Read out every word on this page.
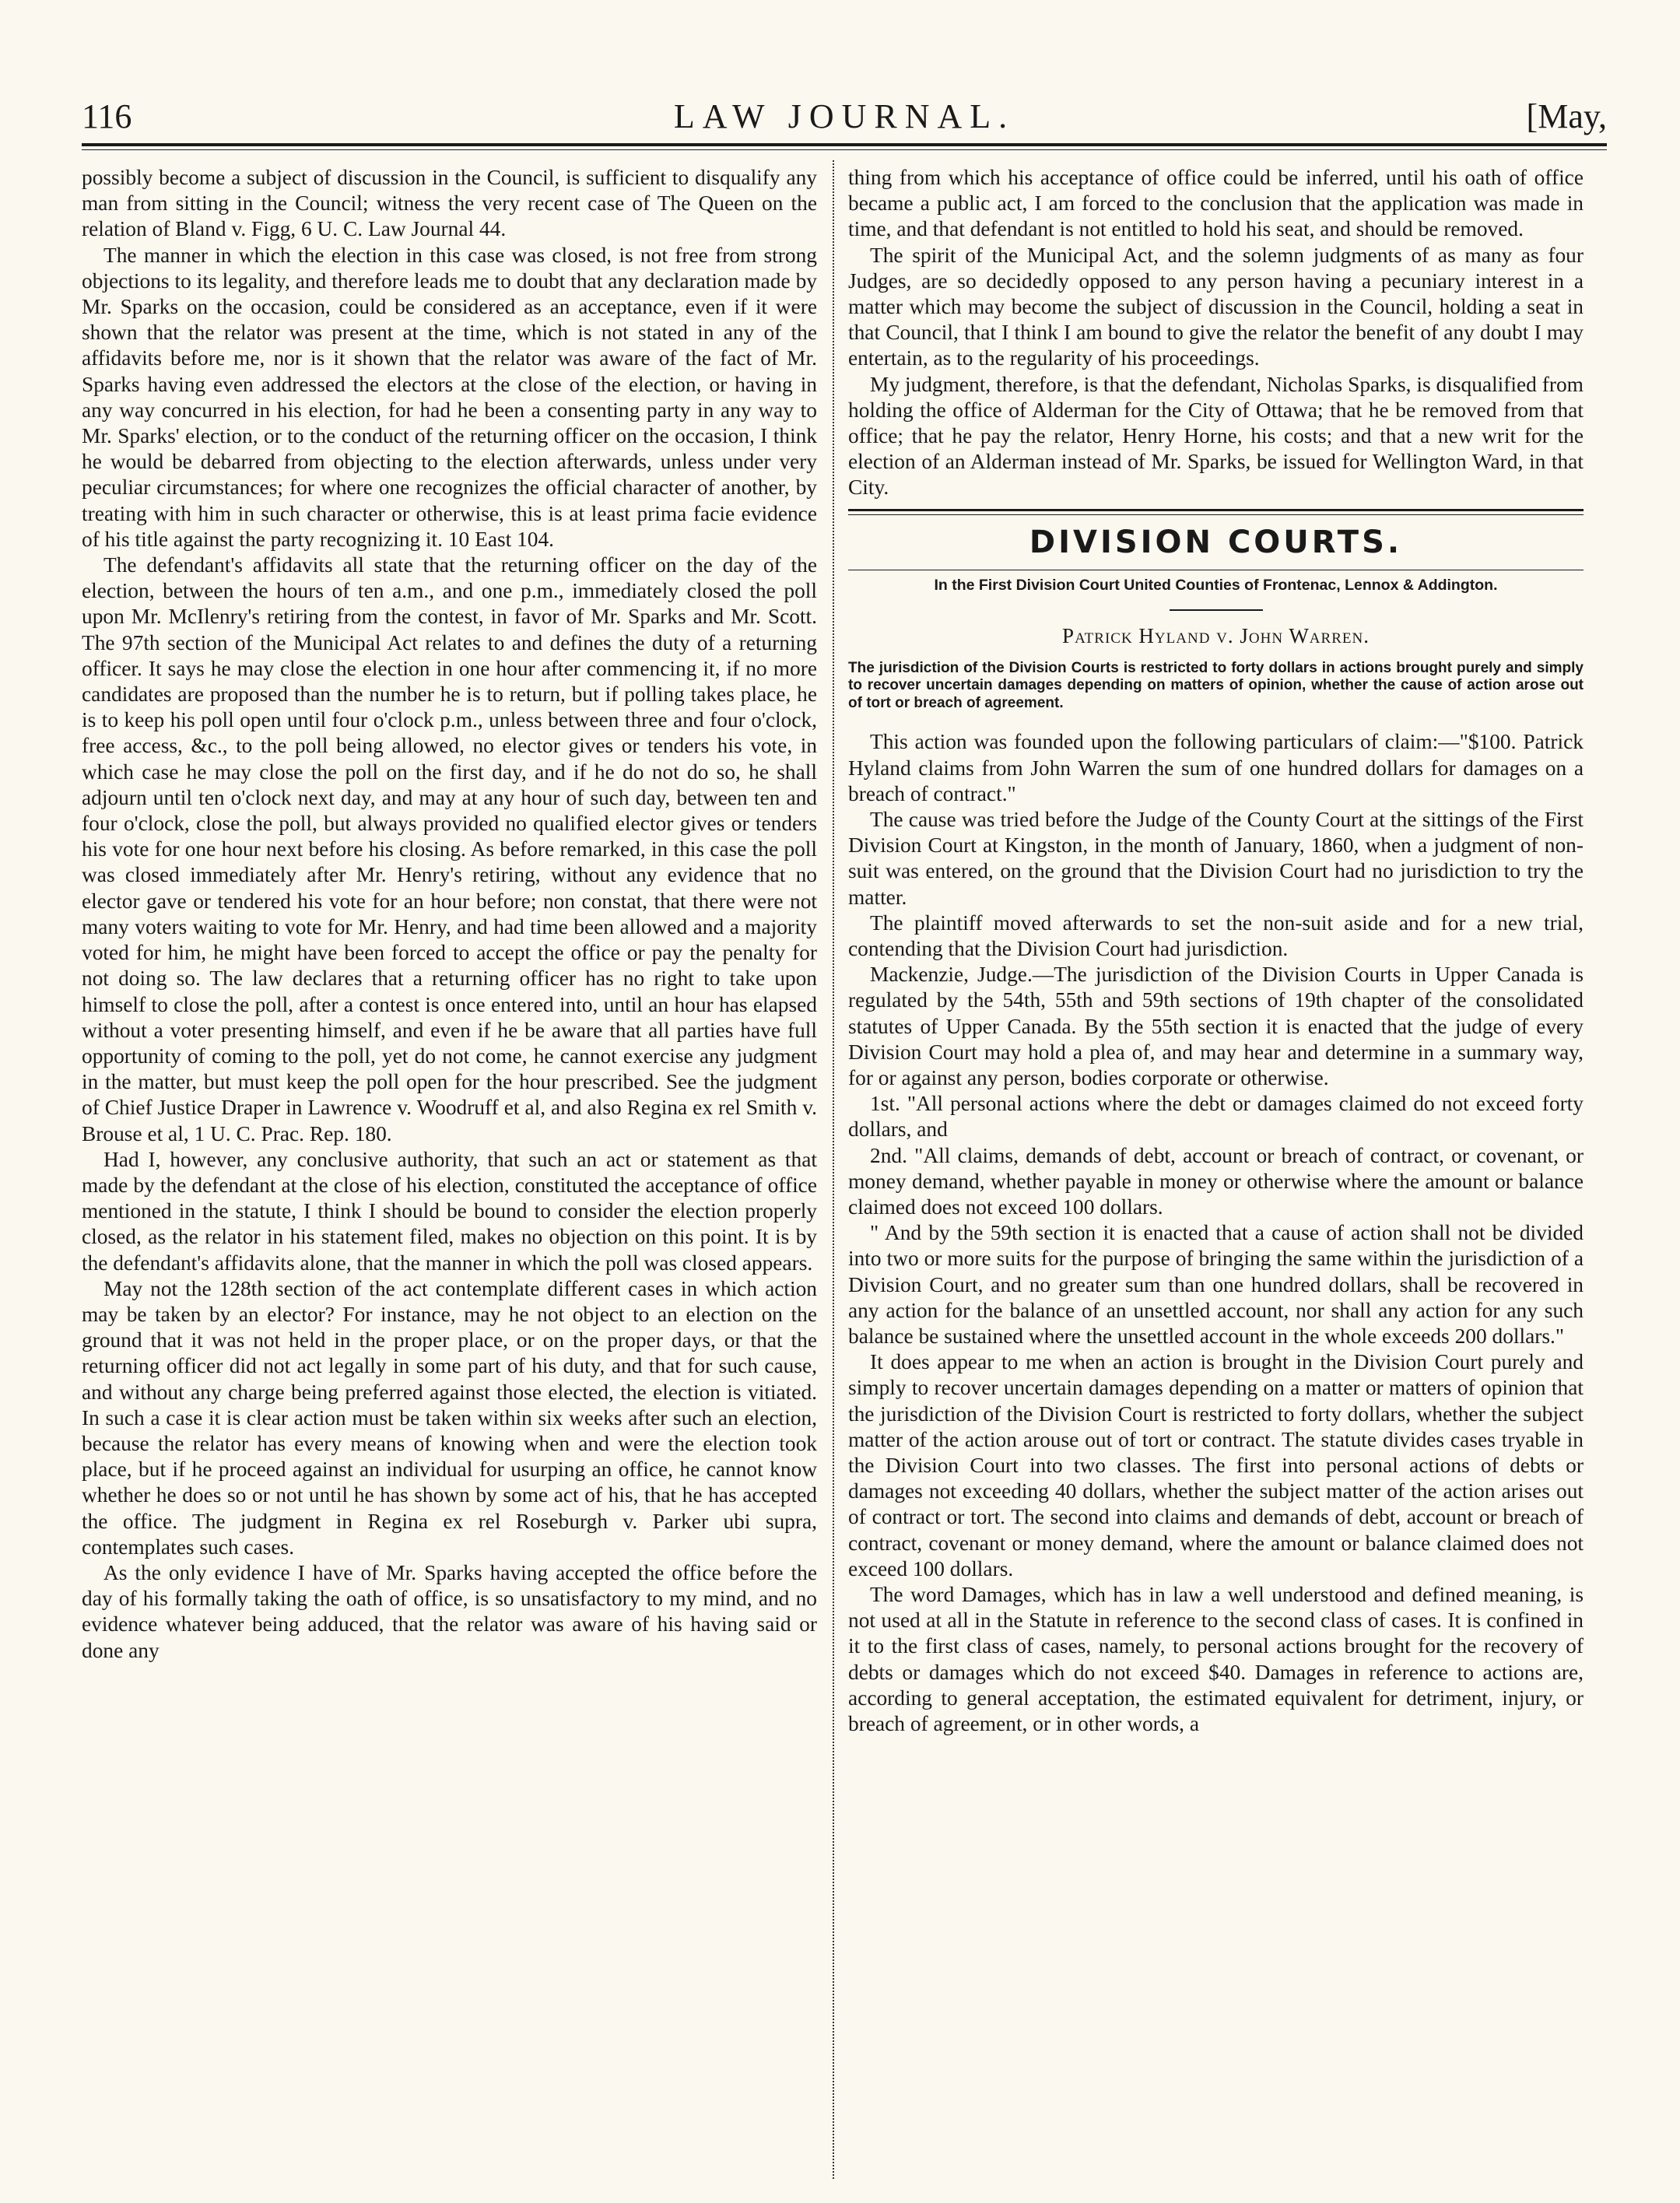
116	LAW JOURNAL.	[May,

possibly become a subject of discussion in the Council, is sufficient to disqualify any man from sitting in the Council; witness the very recent case of The Queen on the relation of Bland v. Figg, 6 U. C. Law Journal 44.

The manner in which the election in this case was closed, is not free from strong objections to its legality, and therefore leads me to doubt that any declaration made by Mr. Sparks on the occasion, could be considered as an acceptance, even if it were shown that the relator was present at the time, which is not stated in any of the affidavits before me, nor is it shown that the relator was aware of the fact of Mr. Sparks having even addressed the electors at the close of the election, or having in any way concurred in his election, for had he been a consenting party in any way to Mr. Sparks' election, or to the conduct of the returning officer on the occasion, I think he would be debarred from objecting to the election afterwards, unless under very peculiar circumstances; for where one recognizes the official character of another, by treating with him in such character or otherwise, this is at least prima facie evidence of his title against the party recognizing it. 10 East 104.

The defendant's affidavits all state that the returning officer on the day of the election, between the hours of ten a.m., and one p.m., immediately closed the poll upon Mr. McIlenry's retiring from the contest, in favor of Mr. Sparks and Mr. Scott. The 97th section of the Municipal Act relates to and defines the duty of a returning officer. It says he may close the election in one hour after commencing it, if no more candidates are proposed than the number he is to return, but if polling takes place, he is to keep his poll open until four o'clock p.m., unless between three and four o'clock, free access, &c., to the poll being allowed, no elector gives or tenders his vote, in which case he may close the poll on the first day, and if he do not do so, he shall adjourn until ten o'clock next day, and may at any hour of such day, between ten and four o'clock, close the poll, but always provided no qualified elector gives or tenders his vote for one hour next before his closing. As before remarked, in this case the poll was closed immediately after Mr. Henry's retiring, without any evidence that no elector gave or tendered his vote for an hour before; non constat, that there were not many voters waiting to vote for Mr. Henry, and had time been allowed and a majority voted for him, he might have been forced to accept the office or pay the penalty for not doing so. The law declares that a returning officer has no right to take upon himself to close the poll, after a contest is once entered into, until an hour has elapsed without a voter presenting himself, and even if he be aware that all parties have full opportunity of coming to the poll, yet do not come, he cannot exercise any judgment in the matter, but must keep the poll open for the hour prescribed. See the judgment of Chief Justice Draper in Lawrence v. Woodruff et al, and also Regina ex rel Smith v. Brouse et al, 1 U. C. Prac. Rep. 180.

Had I, however, any conclusive authority, that such an act or statement as that made by the defendant at the close of his election, constituted the acceptance of office mentioned in the statute, I think I should be bound to consider the election properly closed, as the relator in his statement filed, makes no objection on this point. It is by the defendant's affidavits alone, that the manner in which the poll was closed appears.

May not the 128th section of the act contemplate different cases in which action may be taken by an elector? For instance, may he not object to an election on the ground that it was not held in the proper place, or on the proper days, or that the returning officer did not act legally in some part of his duty, and that for such cause, and without any charge being preferred against those elected, the election is vitiated. In such a case it is clear action must be taken within six weeks after such an election, because the relator has every means of knowing when and were the election took place, but if he proceed against an individual for usurping an office, he cannot know whether he does so or not until he has shown by some act of his, that he has accepted the office. The judgment in Regina ex rel Roseburgh v. Parker ubi supra, contemplates such cases.

As the only evidence I have of Mr. Sparks having accepted the office before the day of his formally taking the oath of office, is so unsatisfactory to my mind, and no evidence whatever being adduced, that the relator was aware of his having said or done any

thing from which his acceptance of office could be inferred, until his oath of office became a public act, I am forced to the conclusion that the application was made in time, and that defendant is not entitled to hold his seat, and should be removed.

The spirit of the Municipal Act, and the solemn judgments of as many as four Judges, are so decidedly opposed to any person having a pecuniary interest in a matter which may become the subject of discussion in the Council, holding a seat in that Council, that I think I am bound to give the relator the benefit of any doubt I may entertain, as to the regularity of his proceedings.

My judgment, therefore, is that the defendant, Nicholas Sparks, is disqualified from holding the office of Alderman for the City of Ottawa; that he be removed from that office; that he pay the relator, Henry Horne, his costs; and that a new writ for the election of an Alderman instead of Mr. Sparks, be issued for Wellington Ward, in that City.

DIVISION COURTS.
In the First Division Court United Counties of Frontenac, Lennox & Addington.
Patrick Hyland v. John Warren.
The jurisdiction of the Division Courts is restricted to forty dollars in actions brought purely and simply to recover uncertain damages depending on matters of opinion, whether the cause of action arose out of tort or breach of agreement.

This action was founded upon the following particulars of claim:—"$100. Patrick Hyland claims from John Warren the sum of one hundred dollars for damages on a breach of contract."

The cause was tried before the Judge of the County Court at the sittings of the First Division Court at Kingston, in the month of January, 1860, when a judgment of non-suit was entered, on the ground that the Division Court had no jurisdiction to try the matter.

The plaintiff moved afterwards to set the non-suit aside and for a new trial, contending that the Division Court had jurisdiction.

Mackenzie, Judge.—The jurisdiction of the Division Courts in Upper Canada is regulated by the 54th, 55th and 59th sections of 19th chapter of the consolidated statutes of Upper Canada. By the 55th section it is enacted that the judge of every Division Court may hold a plea of, and may hear and determine in a summary way, for or against any person, bodies corporate or otherwise.

1st. "All personal actions where the debt or damages claimed do not exceed forty dollars, and

2nd. "All claims, demands of debt, account or breach of contract, or covenant, or money demand, whether payable in money or otherwise where the amount or balance claimed does not exceed 100 dollars.

" And by the 59th section it is enacted that a cause of action shall not be divided into two or more suits for the purpose of bringing the same within the jurisdiction of a Division Court, and no greater sum than one hundred dollars, shall be recovered in any action for the balance of an unsettled account, nor shall any action for any such balance be sustained where the unsettled account in the whole exceeds 200 dollars."

It does appear to me when an action is brought in the Division Court purely and simply to recover uncertain damages depending on a matter or matters of opinion that the jurisdiction of the Division Court is restricted to forty dollars, whether the subject matter of the action arouse out of tort or contract. The statute divides cases tryable in the Division Court into two classes. The first into personal actions of debts or damages not exceeding 40 dollars, whether the subject matter of the action arises out of contract or tort. The second into claims and demands of debt, account or breach of contract, covenant or money demand, where the amount or balance claimed does not exceed 100 dollars.

The word Damages, which has in law a well understood and defined meaning, is not used at all in the Statute in reference to the second class of cases. It is confined in it to the first class of cases, namely, to personal actions brought for the recovery of debts or damages which do not exceed $40. Damages in reference to actions are, according to general acceptation, the estimated equivalent for detriment, injury, or breach of agreement, or in other words, a
